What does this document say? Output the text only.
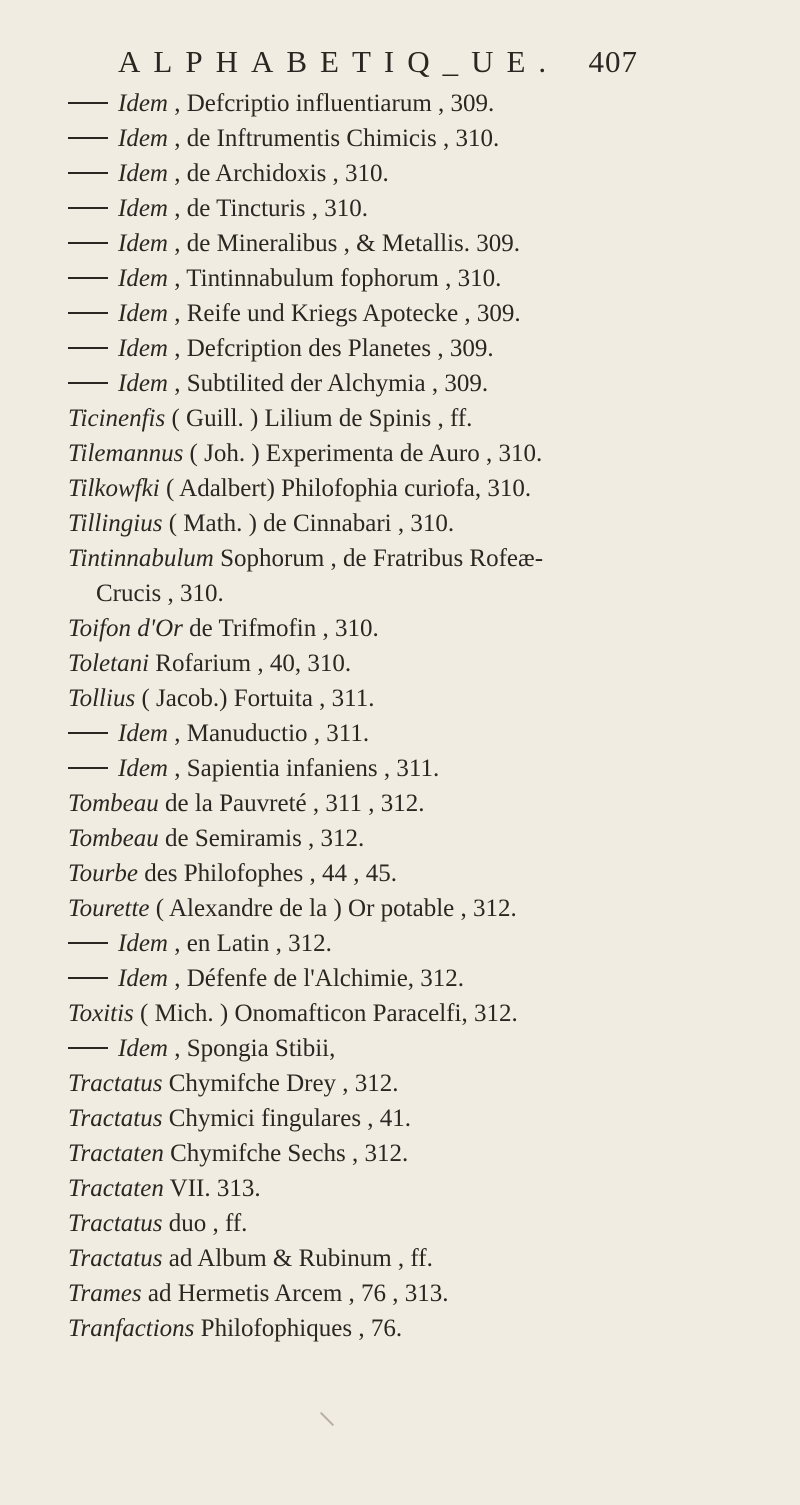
ALPHABETIQ_UE. 407
Idem , Defcriptio influentiarum , 309.
Idem , de Inftrumentis Chimicis , 310.
Idem , de Archidoxis , 310.
Idem , de Tincturis , 310.
Idem , de Mineralibus , & Metallis. 309.
Idem , Tintinnabulum fophorum , 310.
Idem , Reife und Kriegs Apotecke , 309.
Idem , Defcription des Planetes , 309.
Idem , Subtilited der Alchymia , 309.
Ticinenfis ( Guill. ) Lilium de Spinis , ff.
Tilemannus ( Joh. ) Experimenta de Auro , 310.
Tilkowfki ( Adalbert) Philofophia curiofa, 310.
Tillingius ( Math. ) de Cinnabari , 310.
Tintinnabulum Sophorum , de Fratribus Rofeæ-
Crucis , 310.
Toifon d'Or de Trifmofin , 310.
Toletani Rofarium , 40, 310.
Tollius ( Jacob.) Fortuita , 311.
Idem , Manuductio , 311.
Idem , Sapientia infaniens , 311.
Tombeau de la Pauvreté , 311 , 312.
Tombeau de Semiramis , 312.
Tourbe des Philofophes , 44 , 45.
Tourette ( Alexandre de la ) Or potable , 312.
Idem , en Latin , 312.
Idem , Défenfe de l'Alchimie, 312.
Toxitis ( Mich. ) Onomafticon Paracelfi, 312.
Idem , Spongia Stibii,
Tractatus Chymifche Drey , 312.
Tractatus Chymici fingulares , 41.
Tractaten Chymifche Sechs , 312.
Tractaten VII. 313.
Tractatus duo , ff.
Tractatus ad Album & Rubinum , ff.
Trames ad Hermetis Arcem , 76 , 313.
Tranfactions Philofophiques , 76.
